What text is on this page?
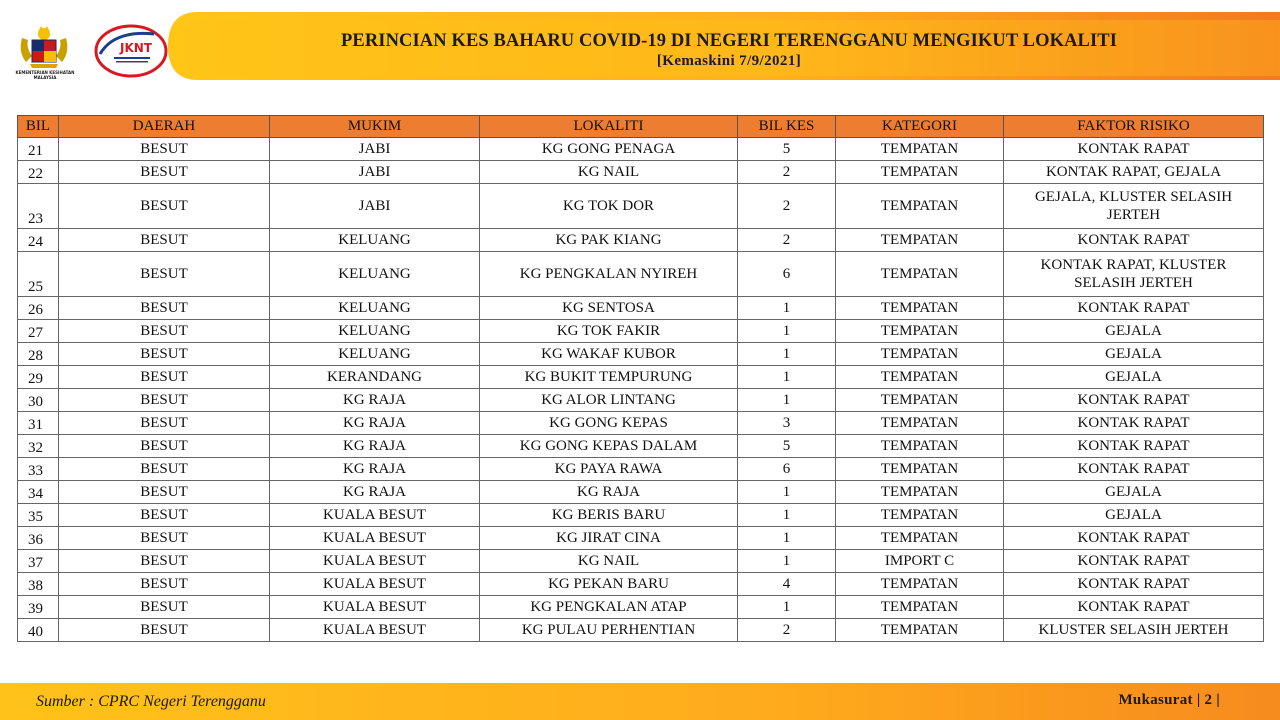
KEMENTERIAN KESIHATAN MALAYSIA
JKNT	PERINCIAN KES BAHARU COVID-19 DI NEGERI TERENGGANU MENGIKUT LOKALITI
[Kemaskini 7/9/2021]
BIL	DAERAH	MUKIM	LOKALITI	BIL KES	KATEGORI	FAKTOR RISIKO
21	BESUT	JABI	KG GONG PENAGA	5	TEMPATAN	KONTAK RAPAT
22	BESUT	JABI	KG NAIL	2	TEMPATAN	KONTAK RAPAT, GEJALA
23	BESUT	JABI	KG TOK DOR	2	TEMPATAN	GEJALA, KLUSTER SELASIH JERTEH
24	BESUT	KELUANG	KG PAK KIANG	2	TEMPATAN	KONTAK RAPAT
25	BESUT	KELUANG	KG PENGKALAN NYIREH	6	TEMPATAN	KONTAK RAPAT, KLUSTER SELASIH JERTEH
26	BESUT	KELUANG	KG SENTOSA	1	TEMPATAN	KONTAK RAPAT
27	BESUT	KELUANG	KG TOK FAKIR	1	TEMPATAN	GEJALA
28	BESUT	KELUANG	KG WAKAF KUBOR	1	TEMPATAN	GEJALA
29	BESUT	KERANDANG	KG BUKIT TEMPURUNG	1	TEMPATAN	GEJALA
30	BESUT	KG RAJA	KG ALOR LINTANG	1	TEMPATAN	KONTAK RAPAT
31	BESUT	KG RAJA	KG GONG KEPAS	3	TEMPATAN	KONTAK RAPAT
32	BESUT	KG RAJA	KG GONG KEPAS DALAM	5	TEMPATAN	KONTAK RAPAT
33	BESUT	KG RAJA	KG PAYA RAWA	6	TEMPATAN	KONTAK RAPAT
34	BESUT	KG RAJA	KG RAJA	1	TEMPATAN	GEJALA
35	BESUT	KUALA BESUT	KG BERIS BARU	1	TEMPATAN	GEJALA
36	BESUT	KUALA BESUT	KG JIRAT CINA	1	TEMPATAN	KONTAK RAPAT
37	BESUT	KUALA BESUT	KG NAIL	1	IMPORT C	KONTAK RAPAT
38	BESUT	KUALA BESUT	KG PEKAN BARU	4	TEMPATAN	KONTAK RAPAT
39	BESUT	KUALA BESUT	KG PENGKALAN ATAP	1	TEMPATAN	KONTAK RAPAT
40	BESUT	KUALA BESUT	KG PULAU PERHENTIAN	2	TEMPATAN	KLUSTER SELASIH JERTEH
Sumber : CPRC Negeri Terengganu	Mukasurat | 2 |
